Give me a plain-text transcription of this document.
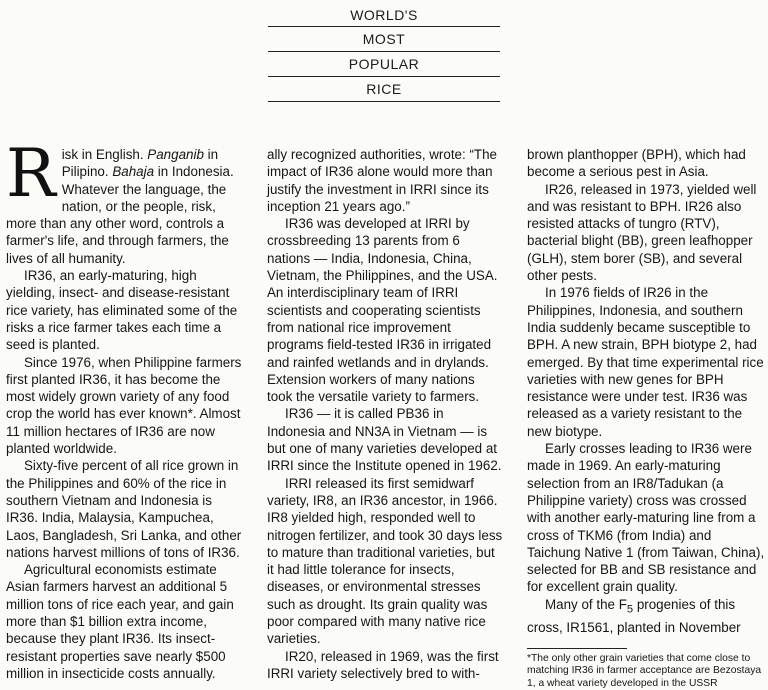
WORLD'S
MOST
POPULAR
RICE

Risk in English. Panganib in Pilipino. Bahaja in Indonesia. Whatever the language, the nation, or the people, risk, more than any other word, controls a farmer's life, and through farmers, the lives of all humanity.

IR36, an early-maturing, high yielding, insect- and disease-resistant rice variety, has eliminated some of the risks a rice farmer takes each time a seed is planted.

Since 1976, when Philippine farmers first planted IR36, it has become the most widely grown variety of any food crop the world has ever known*. Almost 11 million hectares of IR36 are now planted worldwide.

Sixty-five percent of all rice grown in the Philippines and 60% of the rice in southern Vietnam and Indonesia is IR36. India, Malaysia, Kampuchea, Laos, Bangladesh, Sri Lanka, and other nations harvest millions of tons of IR36.

Agricultural economists estimate Asian farmers harvest an additional 5 million tons of rice each year, and gain more than $1 billion extra income, because they plant IR36. Its insect-resistant properties save nearly $500 million in insecticide costs annually.

ally recognized authorities, wrote: “The impact of IR36 alone would more than justify the investment in IRRI since its inception 21 years ago.”

IR36 was developed at IRRI by crossbreeding 13 parents from 6 nations — India, Indonesia, China, Vietnam, the Philippines, and the USA. An interdisciplinary team of IRRI scientists and cooperating scientists from national rice improvement programs field-tested IR36 in irrigated and rainfed wetlands and in drylands. Extension workers of many nations took the versatile variety to farmers.

IR36 — it is called PB36 in Indonesia and NN3A in Vietnam — is but one of many varieties developed at IRRI since the Institute opened in 1962.

IRRI released its first semidwarf variety, IR8, an IR36 ancestor, in 1966. IR8 yielded high, responded well to nitrogen fertilizer, and took 30 days less to mature than traditional varieties, but it had little tolerance for insects, diseases, or environmental stresses such as drought. Its grain quality was poor compared with many native rice varieties.

IR20, released in 1969, was the first IRRI variety selectively bred to with-

brown planthopper (BPH), which had become a serious pest in Asia.

IR26, released in 1973, yielded well and was resistant to BPH. IR26 also resisted attacks of tungro (RTV), bacterial blight (BB), green leafhopper (GLH), stem borer (SB), and several other pests.

In 1976 fields of IR26 in the Philippines, Indonesia, and southern India suddenly became susceptible to BPH. A new strain, BPH biotype 2, had emerged. By that time experimental rice varieties with new genes for BPH resistance were under test. IR36 was released as a variety resistant to the new biotype.

Early crosses leading to IR36 were made in 1969. An early-maturing selection from an IR8/Tadukan (a Philippine variety) cross was crossed with another early-maturing line from a cross of TKM6 (from India) and Taichung Native 1 (from Taiwan, China), selected for BB and SB resistance and for excellent grain quality.

Many of the $F_5$ progenies of this cross, IR1561, planted in November

*The only other grain varieties that come close to matching IR36 in farmer acceptance are Bezostaya 1, a wheat variety developed in the USSR
